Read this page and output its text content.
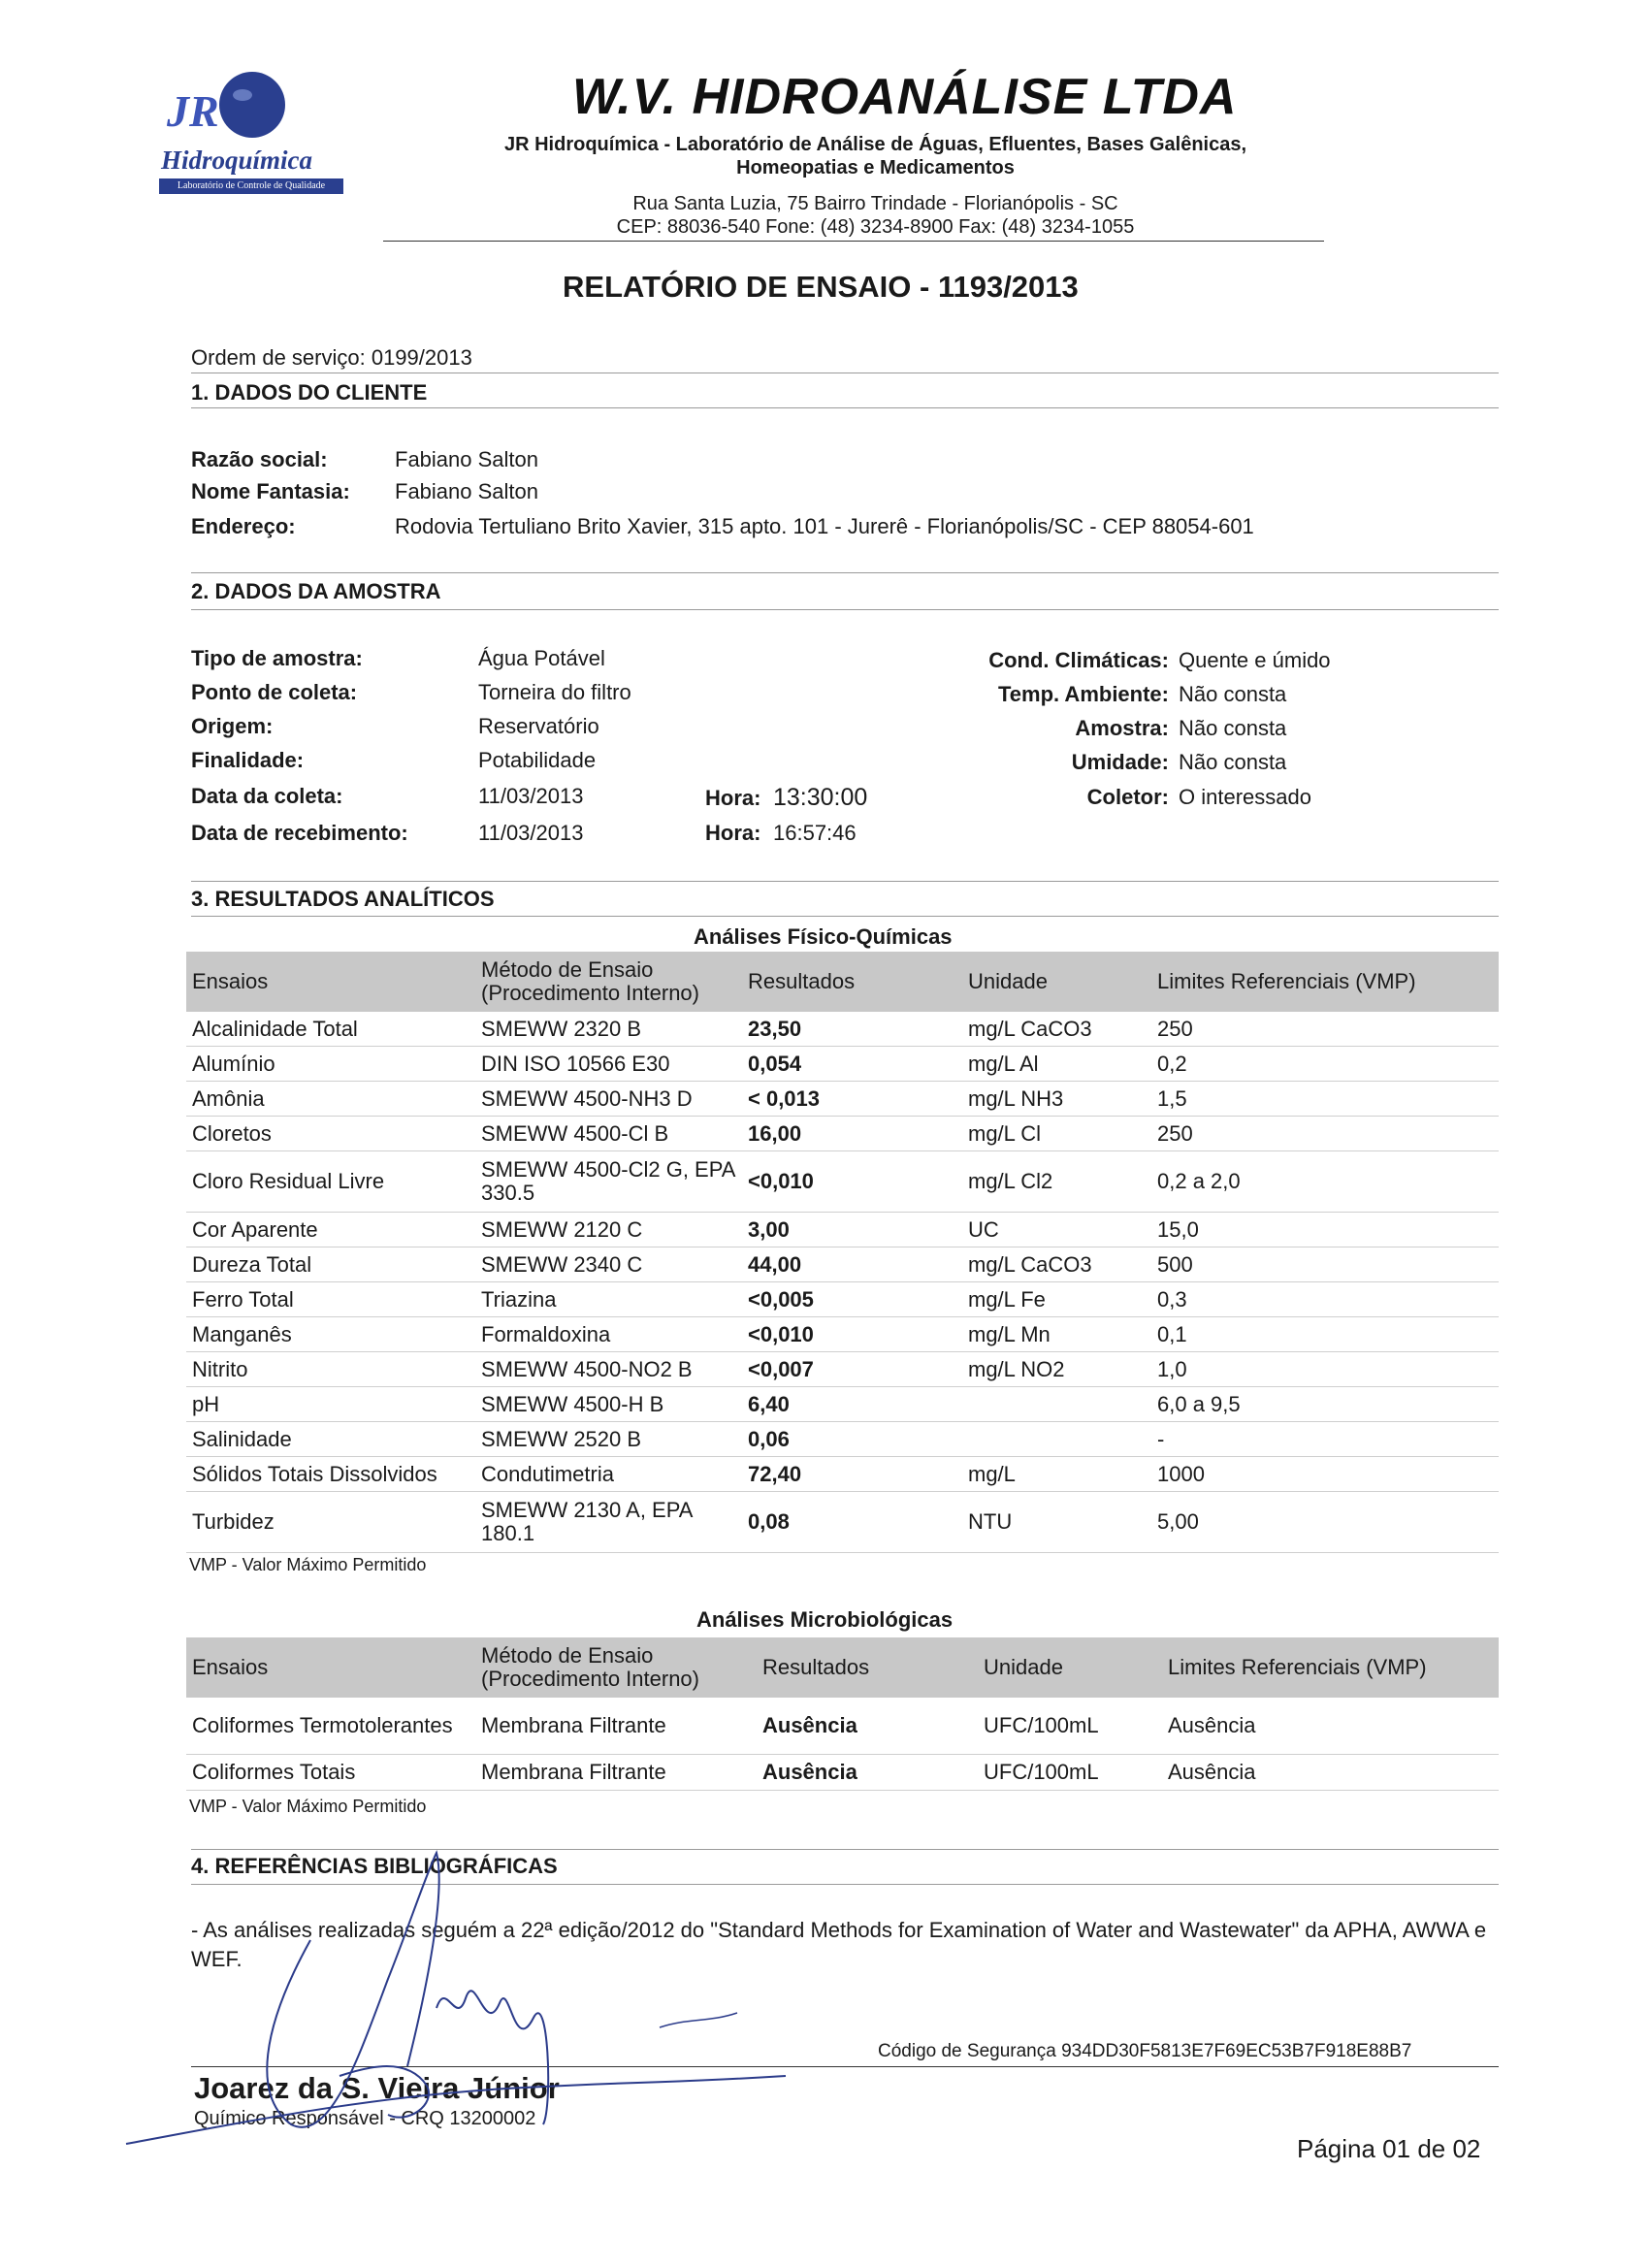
JR
Hidroquímica
Laboratório de Controle de Qualidade
W.V. HIDROANÁLISE LTDA
JR Hidroquímica - Laboratório de Análise de Águas, Efluentes, Bases Galênicas,
Homeopatias e Medicamentos
Rua Santa Luzia, 75 Bairro Trindade - Florianópolis - SC
CEP: 88036-540 Fone: (48) 3234-8900 Fax: (48) 3234-1055
RELATÓRIO DE ENSAIO - 1193/2013
Ordem de serviço: 0199/2013
1. DADOS DO CLIENTE
Razão social:	Fabiano Salton
Nome Fantasia: Fabiano Salton
Endereço:	Rodovia Tertuliano Brito Xavier, 315 apto. 101 - Jurerê - Florianópolis/SC - CEP 88054-601
2. DADOS DA AMOSTRA
Tipo de amostra:	Água Potável
Ponto de coleta:	Torneira do filtro
Origem:	Reservatório
Finalidade:	Potabilidade
Data da coleta:	11/03/2013	Hora: 13:30:00
Data de recebimento:	11/03/2013	Hora: 16:57:46
Cond. Climáticas: Quente e úmido
Temp. Ambiente: Não consta
Amostra: Não consta
Umidade: Não consta
Coletor: O interessado
3. RESULTADOS ANALÍTICOS
Análises Físico-Químicas
Ensaios	Método de Ensaio (Procedimento Interno)	Resultados	Unidade	Limites Referenciais (VMP)
Alcalinidade Total	SMEWW 2320 B	23,50	mg/L CaCO3	250
Alumínio	DIN ISO 10566 E30	0,054	mg/L Al	0,2
Amônia	SMEWW 4500-NH3 D	< 0,013	mg/L NH3	1,5
Cloretos	SMEWW 4500-Cl B	16,00	mg/L Cl	250
Cloro Residual Livre	SMEWW 4500-Cl2 G, EPA 330.5	<0,010	mg/L Cl2	0,2 a 2,0
Cor Aparente	SMEWW 2120 C	3,00	UC	15,0
Dureza Total	SMEWW 2340 C	44,00	mg/L CaCO3	500
Ferro Total	Triazina	<0,005	mg/L Fe	0,3
Manganês	Formaldoxina	<0,010	mg/L Mn	0,1
Nitrito	SMEWW 4500-NO2 B	<0,007	mg/L NO2	1,0
pH	SMEWW 4500-H B	6,40		6,0 a 9,5
Salinidade	SMEWW 2520 B	0,06		-
Sólidos Totais Dissolvidos	Condutimetria	72,40	mg/L	1000
Turbidez	SMEWW 2130 A, EPA 180.1	0,08	NTU	5,00
VMP - Valor Máximo Permitido
Análises Microbiológicas
Ensaios	Método de Ensaio (Procedimento Interno)	Resultados	Unidade	Limites Referenciais (VMP)
Coliformes Termotolerantes	Membrana Filtrante	Ausência	UFC/100mL	Ausência
Coliformes Totais	Membrana Filtrante	Ausência	UFC/100mL	Ausência
VMP - Valor Máximo Permitido
4. REFERÊNCIAS BIBLIOGRÁFICAS
- As análises realizadas seguém a 22ª edição/2012 do "Standard Methods for Examination of Water and Wastewater" da APHA, AWWA e WEF.
Código de Segurança 934DD30F5813E7F69EC53B7F918E88B7
Joarez da S. Vieira Júnior
Químico Responsável - CRQ 13200002
Página 01 de 02
